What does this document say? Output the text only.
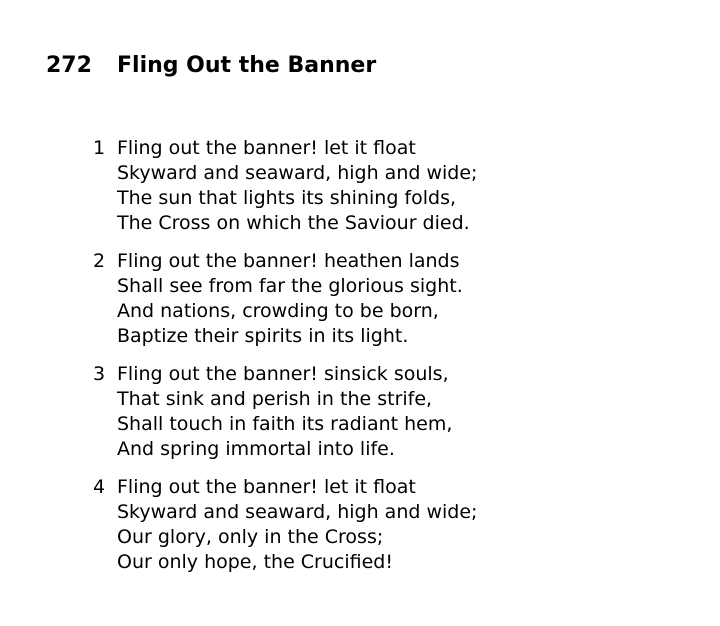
272 Fling Out the Banner
1 Fling out the banner! let it float
Skyward and seaward, high and wide;
The sun that lights its shining folds,
The Cross on which the Saviour died.
2 Fling out the banner! heathen lands
Shall see from far the glorious sight.
And nations, crowding to be born,
Baptize their spirits in its light.
3 Fling out the banner! sinsick souls,
That sink and perish in the strife,
Shall touch in faith its radiant hem,
And spring immortal into life.
4 Fling out the banner! let it float
Skyward and seaward, high and wide;
Our glory, only in the Cross;
Our only hope, the Crucified!
